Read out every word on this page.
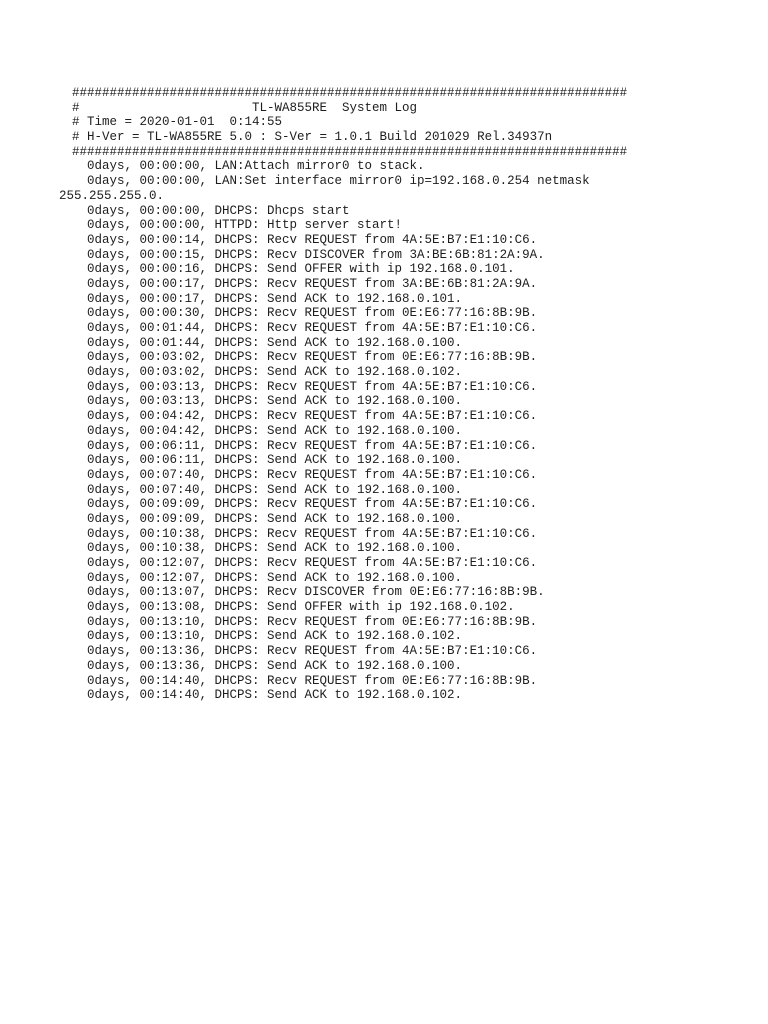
##########################################################################
#                       TL-WA855RE  System Log
# Time = 2020-01-01  0:14:55
# H-Ver = TL-WA855RE 5.0 : S-Ver = 1.0.1 Build 201029 Rel.34937n
##########################################################################
0days, 00:00:00, LAN:Attach mirror0 to stack.
0days, 00:00:00, LAN:Set interface mirror0 ip=192.168.0.254 netmask
255.255.255.0.
0days, 00:00:00, DHCPS: Dhcps start
0days, 00:00:00, HTTPD: Http server start!
0days, 00:00:14, DHCPS: Recv REQUEST from 4A:5E:B7:E1:10:C6.
0days, 00:00:15, DHCPS: Recv DISCOVER from 3A:BE:6B:81:2A:9A.
0days, 00:00:16, DHCPS: Send OFFER with ip 192.168.0.101.
0days, 00:00:17, DHCPS: Recv REQUEST from 3A:BE:6B:81:2A:9A.
0days, 00:00:17, DHCPS: Send ACK to 192.168.0.101.
0days, 00:00:30, DHCPS: Recv REQUEST from 0E:E6:77:16:8B:9B.
0days, 00:01:44, DHCPS: Recv REQUEST from 4A:5E:B7:E1:10:C6.
0days, 00:01:44, DHCPS: Send ACK to 192.168.0.100.
0days, 00:03:02, DHCPS: Recv REQUEST from 0E:E6:77:16:8B:9B.
0days, 00:03:02, DHCPS: Send ACK to 192.168.0.102.
0days, 00:03:13, DHCPS: Recv REQUEST from 4A:5E:B7:E1:10:C6.
0days, 00:03:13, DHCPS: Send ACK to 192.168.0.100.
0days, 00:04:42, DHCPS: Recv REQUEST from 4A:5E:B7:E1:10:C6.
0days, 00:04:42, DHCPS: Send ACK to 192.168.0.100.
0days, 00:06:11, DHCPS: Recv REQUEST from 4A:5E:B7:E1:10:C6.
0days, 00:06:11, DHCPS: Send ACK to 192.168.0.100.
0days, 00:07:40, DHCPS: Recv REQUEST from 4A:5E:B7:E1:10:C6.
0days, 00:07:40, DHCPS: Send ACK to 192.168.0.100.
0days, 00:09:09, DHCPS: Recv REQUEST from 4A:5E:B7:E1:10:C6.
0days, 00:09:09, DHCPS: Send ACK to 192.168.0.100.
0days, 00:10:38, DHCPS: Recv REQUEST from 4A:5E:B7:E1:10:C6.
0days, 00:10:38, DHCPS: Send ACK to 192.168.0.100.
0days, 00:12:07, DHCPS: Recv REQUEST from 4A:5E:B7:E1:10:C6.
0days, 00:12:07, DHCPS: Send ACK to 192.168.0.100.
0days, 00:13:07, DHCPS: Recv DISCOVER from 0E:E6:77:16:8B:9B.
0days, 00:13:08, DHCPS: Send OFFER with ip 192.168.0.102.
0days, 00:13:10, DHCPS: Recv REQUEST from 0E:E6:77:16:8B:9B.
0days, 00:13:10, DHCPS: Send ACK to 192.168.0.102.
0days, 00:13:36, DHCPS: Recv REQUEST from 4A:5E:B7:E1:10:C6.
0days, 00:13:36, DHCPS: Send ACK to 192.168.0.100.
0days, 00:14:40, DHCPS: Recv REQUEST from 0E:E6:77:16:8B:9B.
0days, 00:14:40, DHCPS: Send ACK to 192.168.0.102.
